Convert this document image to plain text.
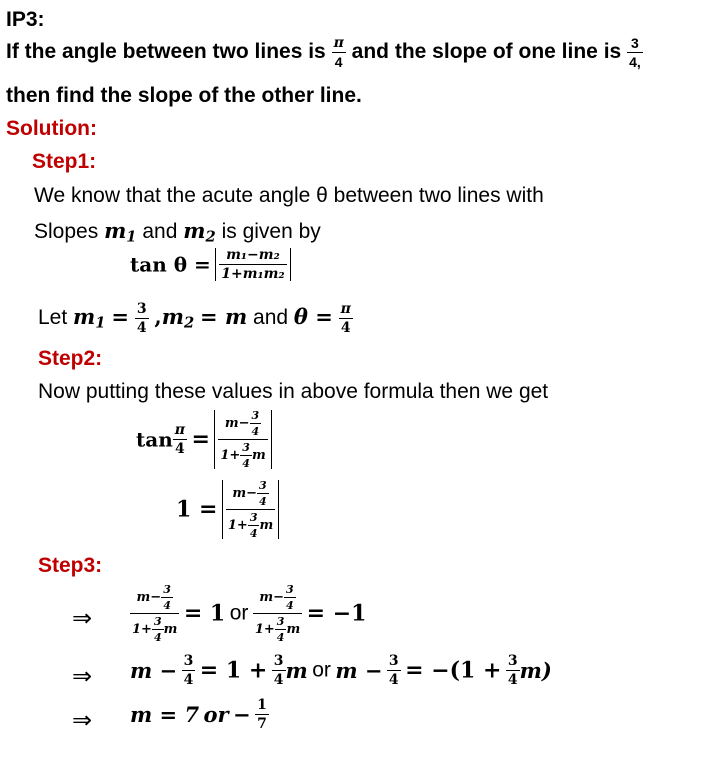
IP3:
If the angle between two lines is $\frac{\pi}{4}$ and the slope of one line is $\frac{3}{4,}$
then find the slope of the other line.
Solution:
Step1:
We know that the acute angle θ between two lines with
Slopes $m_1$ and $m_2$ is given by
$\tan \theta = \frac{\text{m₁−m₂}}{\text{1+m₁m₂}}$
Let $m_1 = \frac{3}{4} ,m_2 = m$ and $\theta = \frac{\pi}{4}$
Step2:
Now putting these values in above formula then we get
$\tan \frac{\pi}{4} = \frac{m- \frac{3}{4}}{1+ \frac{3}{4} m}$
$1 = \frac{m- \frac{3}{4}}{1+ \frac{3}{4} m}$
Step3:
⇒	$\frac{m- \frac{3}{4}}{1+ \frac{3}{4} m} = 1$ or $\frac{m- \frac{3}{4}}{1+ \frac{3}{4} m} = -1$
⇒ $m - \frac{3}{4} = 1 + \frac{3}{4}$ m or $m - \frac{3}{4} = -(1 + \frac{3}{4} m)$
⇒ m = 7 or − $\frac{1}{7}$
